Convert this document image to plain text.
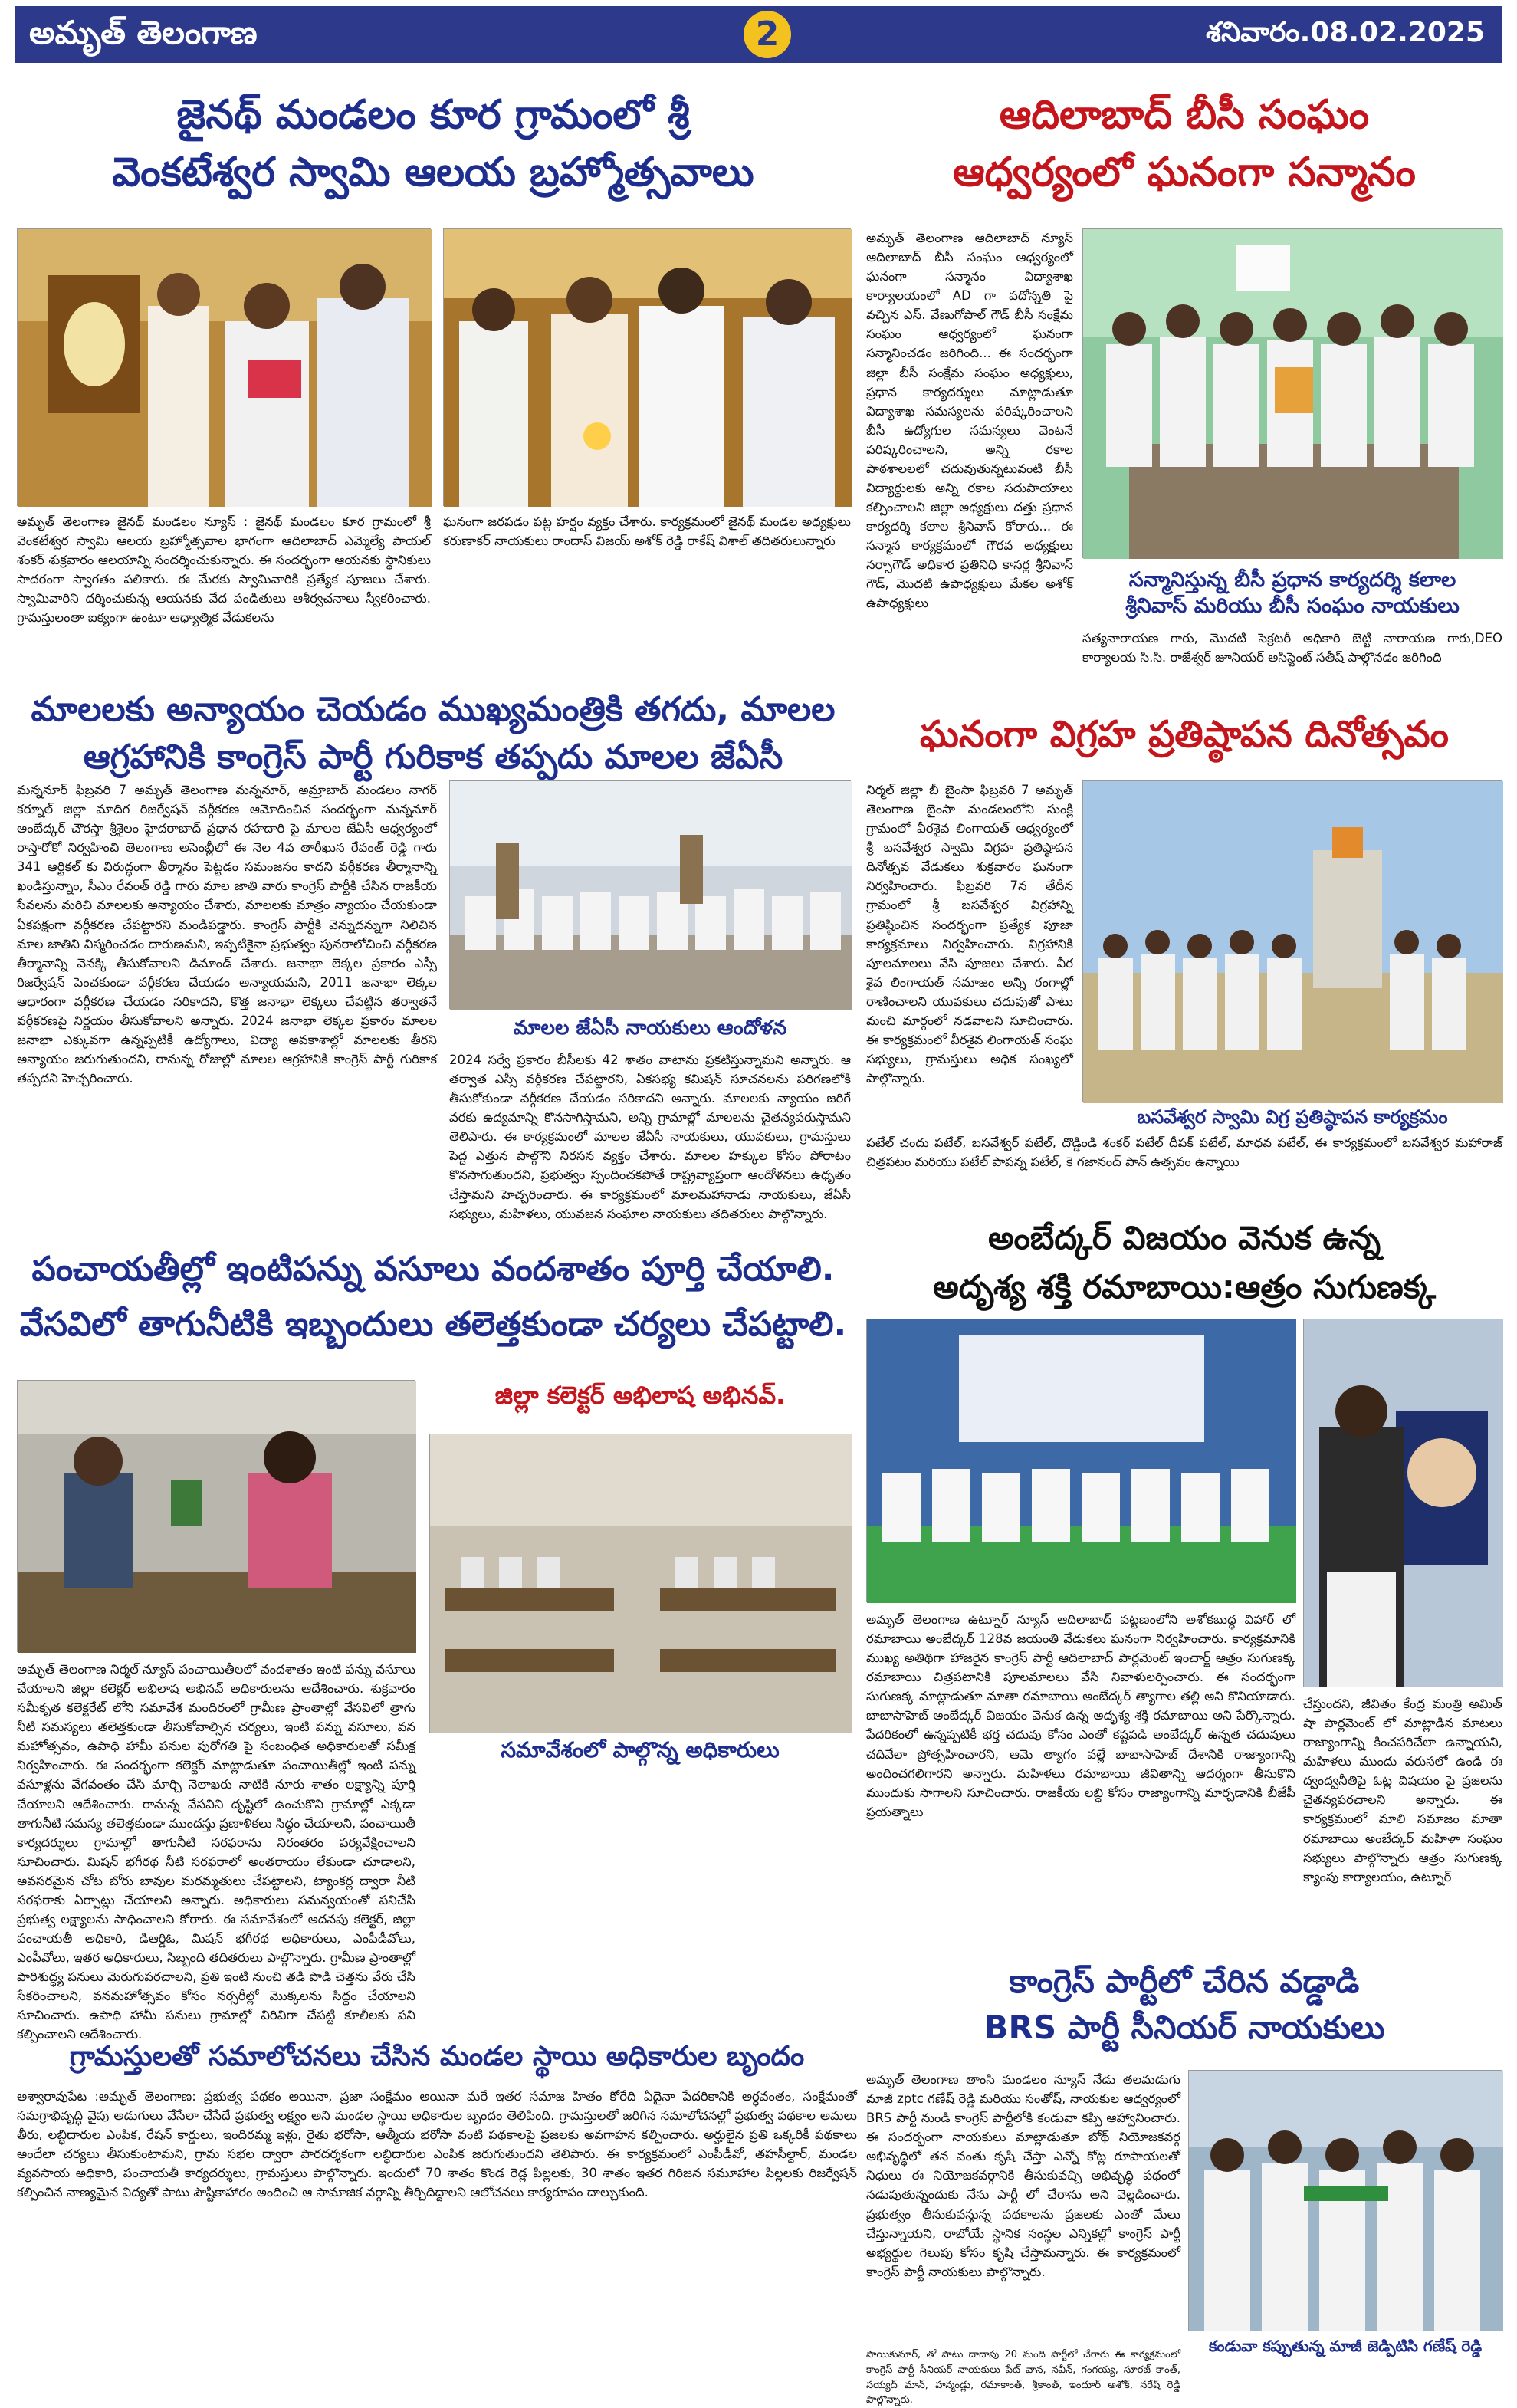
అమృత్ తెలంగాణ	2	శనివారం.08.02.2025
జైనథ్ మండలం కూర గ్రామంలో శ్రీ
వెంకటేశ్వర స్వామి ఆలయ బ్రహ్మోత్సవాలు
అమృత్ తెలంగాణ జైనథ్ మండలం న్యూస్ : జైనథ్ మండలం కూర గ్రామంలో శ్రీ వెంకటేశ్వర స్వామి ఆలయ బ్రహ్మోత్సవాల భాగంగా ఆదిలాబాద్ ఎమ్మెల్యే పాయల్ శంకర్ శుక్రవారం ఆలయాన్ని సందర్శించుకున్నారు. ఈ సందర్భంగా ఆయనకు స్థానికులు సాదరంగా స్వాగతం పలికారు. ఈ మేరకు స్వామివారికి ప్రత్యేక పూజలు చేశారు. స్వామివారిని దర్శించుకున్న ఆయనకు వేద పండితులు ఆశీర్వచనాలు స్వీకరించారు. గ్రామస్తులంతా ఐక్యంగా ఉంటూ ఆధ్యాత్మిక వేడుకలను
ఘనంగా జరపడం పట్ల హర్షం వ్యక్తం చేశారు. కార్యక్రమంలో జైనథ్ మండల అధ్యక్షులు కరుణాకర్ నాయకులు రాందాస్ విజయ్ అశోక్ రెడ్డి రాకేష్ విశాల్ తదితరులున్నారు
ఆదిలాబాద్ బీసీ సంఘం
ఆధ్వర్యంలో ఘనంగా సన్మానం
అమృత్ తెలంగాణ ఆదిలాబాద్ న్యూస్ ఆదిలాబాద్ బీసీ సంఘం ఆధ్వర్యంలో ఘనంగా సన్మానం విద్యాశాఖ కార్యాలయంలో AD గా పదోన్నతి పై వచ్చిన ఎస్. వేణుగోపాల్ గౌడ్ బీసీ సంక్షేమ సంఘం ఆధ్వర్యంలో ఘనంగా సన్మానించడం జరిగింది... ఈ సందర్భంగా జిల్లా బీసీ సంక్షేమ సంఘం అధ్యక్షులు, ప్రధాన కార్యదర్శులు మాట్లాడుతూ విద్యాశాఖ సమస్యలను పరిష్కరించాలని బీసీ ఉద్యోగుల సమస్యలు వెంటనే పరిష్కరించాలని, అన్ని రకాల పాఠశాలలలో చదువుతున్నటువంటి బీసీ విద్యార్థులకు అన్ని రకాల సదుపాయాలు కల్పించాలని జిల్లా అధ్యక్షులు దత్తు ప్రధాన కార్యదర్శి కలాల శ్రీనివాస్ కోరారు... ఈ సన్మాన కార్యక్రమంలో గౌరవ అధ్యక్షులు నర్సాగౌడ్ అధికార ప్రతినిధి కాసర్ల శ్రీనివాస్ గౌడ్, మొదటి ఉపాధ్యక్షులు మేకల అశోక్ ఉపాధ్యక్షులు
సన్మానిస్తున్న బీసీ ప్రధాన కార్యదర్శి కలాల
శ్రీనివాస్ మరియు బీసీ సంఘం నాయకులు
సత్యనారాయణ గారు, మొదటి సెక్రటరీ అధికారి బెట్టి నారాయణ గారు,DEO కార్యాలయ సి.సి. రాజేశ్వర్ జూనియర్ అసిస్టెంట్ సతీష్ పాల్గొనడం జరిగింది
మాలలకు అన్యాయం చెయడం ముఖ్యమంత్రికి తగదు, మాలల
ఆగ్రహానికి కాంగ్రెస్ పార్టీ గురికాక తప్పదు మాలల జేఏసీ
మన్ననూర్ ఫిబ్రవరి 7 అమృత్ తెలంగాణ మన్ననూర్, అమ్రాబాద్ మండలం నాగర్ కర్నూల్ జిల్లా మాదిగ రిజర్వేషన్ వర్గీకరణ ఆమోదించిన సందర్భంగా మన్ననూర్ అంబేద్కర్ చౌరస్తా శ్రీశైలం హైదరాబాద్ ప్రధాన రహదారి పై మాలల జేఏసీ ఆధ్వర్యంలో రాస్తారోకో నిర్వహించి తెలంగాణ అసెంబ్లీలో ఈ నెల 4వ తారీఖున రేవంత్ రెడ్డి గారు 341 ఆర్టికల్ కు విరుద్ధంగా తీర్మానం పెట్టడం సమంజసం కాదని వర్గీకరణ తీర్మానాన్ని ఖండిస్తున్నాం, సీఎం రేవంత్ రెడ్డి గారు మాల జాతి వారు కాంగ్రెస్ పార్టీకి చేసిన రాజకీయ సేవలను మరిచి మాలలకు అన్యాయం చేశారు, మాలలకు మాత్రం న్యాయం చేయకుండా ఏకపక్షంగా వర్గీకరణ చేపట్టారని మండిపడ్డారు. కాంగ్రెస్ పార్టీకి వెన్నుదన్నుగా నిలిచిన మాల జాతిని విస్మరించడం దారుణమని, ఇప్పటికైనా ప్రభుత్వం పునరాలోచించి వర్గీకరణ తీర్మానాన్ని వెనక్కి తీసుకోవాలని డిమాండ్ చేశారు. జనాభా లెక్కల ప్రకారం ఎస్సీ రిజర్వేషన్ పెంచకుండా వర్గీకరణ చేయడం అన్యాయమని, 2011 జనాభా లెక్కల ఆధారంగా వర్గీకరణ చేయడం సరికాదని, కొత్త జనాభా లెక్కలు చేపట్టిన తర్వాతనే వర్గీకరణపై నిర్ణయం తీసుకోవాలని అన్నారు. 2024 జనాభా లెక్కల ప్రకారం మాలల జనాభా ఎక్కువగా ఉన్నప్పటికీ ఉద్యోగాలు, విద్యా అవకాశాల్లో మాలలకు తీరని అన్యాయం జరుగుతుందని, రానున్న రోజుల్లో మాలల ఆగ్రహానికి కాంగ్రెస్ పార్టీ గురికాక తప్పదని హెచ్చరించారు.
మాలల జేఏసీ నాయకులు ఆందోళన
2024 సర్వే ప్రకారం బీసీలకు 42 శాతం వాటాను ప్రకటిస్తున్నామని అన్నారు. ఆ తర్వాత ఎస్సీ వర్గీకరణ చేపట్టారని, ఏకసభ్య కమిషన్ సూచనలను పరిగణలోకి తీసుకోకుండా వర్గీకరణ చేయడం సరికాదని అన్నారు. మాలలకు న్యాయం జరిగే వరకు ఉద్యమాన్ని కొనసాగిస్తామని, అన్ని గ్రామాల్లో మాలలను చైతన్యపరుస్తామని తెలిపారు. ఈ కార్యక్రమంలో మాలల జేఏసీ నాయకులు, యువకులు, గ్రామస్తులు పెద్ద ఎత్తున పాల్గొని నిరసన వ్యక్తం చేశారు. మాలల హక్కుల కోసం పోరాటం కొనసాగుతుందని, ప్రభుత్వం స్పందించకపోతే రాష్ట్రవ్యాప్తంగా ఆందోళనలు ఉధృతం చేస్తామని హెచ్చరించారు. ఈ కార్యక్రమంలో మాలమహానాడు నాయకులు, జేఏసీ సభ్యులు, మహిళలు, యువజన సంఘాల నాయకులు తదితరులు పాల్గొన్నారు.
ఘనంగా విగ్రహ ప్రతిష్ఠాపన దినోత్సవం
నిర్మల్ జిల్లా బీ బైంసా ఫిబ్రవరి 7 అమృత్ తెలంగాణ బైంసా మండలంలోని సుంక్లి గ్రామంలో వీరశైవ లింగాయత్ ఆధ్వర్యంలో శ్రీ బసవేశ్వర స్వామి విగ్రహ ప్రతిష్ఠాపన దినోత్సవ వేడుకలు శుక్రవారం ఘనంగా నిర్వహించారు. ఫిబ్రవరి 7న తేదీన గ్రామంలో శ్రీ బసవేశ్వర విగ్రహాన్ని ప్రతిష్ఠించిన సందర్భంగా ప్రత్యేక పూజా కార్యక్రమాలు నిర్వహించారు. విగ్రహానికి పూలమాలలు వేసి పూజలు చేశారు. వీర శైవ లింగాయత్ సమాజం అన్ని రంగాల్లో రాణించాలని యువకులు చదువుతో పాటు మంచి మార్గంలో నడవాలని సూచించారు. ఈ కార్యక్రమంలో వీరశైవ లింగాయత్ సంఘ సభ్యులు, గ్రామస్తులు అధిక సంఖ్యలో పాల్గొన్నారు.
బసవేశ్వర స్వామి విగ్ర ప్రతిష్ఠాపన కార్యక్రమం
పటేల్ చందు పటేల్, బసవేశ్వర్ పటేల్, దొడ్డిండి శంకర్ పటేల్ దీపక్ పటేల్, మాధవ పటేల్, ఈ కార్యక్రమంలో బసవేశ్వర మహారాజ్ చిత్రపటం మరియు పటేల్ పాపన్న పటేల్, కె గజానంద్ పాన్ ఉత్సవం ఉన్నాయి
పంచాయతీల్లో ఇంటిపన్ను వసూలు వందశాతం పూర్తి చేయాలి.
వేసవిలో తాగునీటికి ఇబ్బందులు తలెత్తకుండా చర్యలు చేపట్టాలి.
జిల్లా కలెక్టర్ అభిలాష అభినవ్.
సమావేశంలో పాల్గొన్న అధికారులు
అమృత్ తెలంగాణ నిర్మల్ న్యూస్ పంచాయితీలలో వందశాతం ఇంటి పన్ను వసూలు చేయాలని జిల్లా కలెక్టర్ అభిలాష అభినవ్ అధికారులను ఆదేశించారు. శుక్రవారం సమీకృత కలెక్టరేట్ లోని సమావేశ మందిరంలో గ్రామీణ ప్రాంతాల్లో వేసవిలో త్రాగు నీటి సమస్యలు తలెత్తకుండా తీసుకోవాల్సిన చర్యలు, ఇంటి పన్ను వసూలు, వన మహోత్సవం, ఉపాధి హామీ పనుల పురోగతి పై సంబంధిత అధికారులతో సమీక్ష నిర్వహించారు. ఈ సందర్భంగా కలెక్టర్ మాట్లాడుతూ పంచాయితీల్లో ఇంటి పన్ను వసూళ్లను వేగవంతం చేసి మార్చి నెలాఖరు నాటికి నూరు శాతం లక్ష్యాన్ని పూర్తి చేయాలని ఆదేశించారు. రానున్న వేసవిని దృష్టిలో ఉంచుకొని గ్రామాల్లో ఎక్కడా తాగునీటి సమస్య తలెత్తకుండా ముందస్తు ప్రణాళికలు సిద్ధం చేయాలని, పంచాయితీ కార్యదర్శులు గ్రామాల్లో తాగునీటి సరఫరాను నిరంతరం పర్యవేక్షించాలని సూచించారు. మిషన్ భగీరథ నీటి సరఫరాలో అంతరాయం లేకుండా చూడాలని, అవసరమైన చోట బోరు బావుల మరమ్మతులు చేపట్టాలని, ట్యాంకర్ల ద్వారా నీటి సరఫరాకు ఏర్పాట్లు చేయాలని అన్నారు. అధికారులు సమన్వయంతో పనిచేసి ప్రభుత్వ లక్ష్యాలను సాధించాలని కోరారు. ఈ సమావేశంలో అదనపు కలెక్టర్, జిల్లా పంచాయతీ అధికారి, డిఆర్డిఓ, మిషన్ భగీరథ అధికారులు, ఎంపీడీవోలు, ఎంపీవోలు, ఇతర అధికారులు, సిబ్బంది తదితరులు పాల్గొన్నారు. గ్రామీణ ప్రాంతాల్లో పారిశుద్ధ్య పనులు మెరుగుపరచాలని, ప్రతి ఇంటి నుంచి తడి పొడి చెత్తను వేరు చేసి సేకరించాలని, వనమహోత్సవం కోసం నర్సరీల్లో మొక్కలను సిద్ధం చేయాలని సూచించారు. ఉపాధి హామీ పనులు గ్రామాల్లో విరివిగా చేపట్టి కూలీలకు పని కల్పించాలని ఆదేశించారు.
అంబేద్కర్ విజయం వెనుక ఉన్న
అదృశ్య శక్తి రమాబాయి:ఆత్రం సుగుణక్క
అమృత్ తెలంగాణ ఉట్నూర్ న్యూస్ ఆదిలాబాద్ పట్టణంలోని అశోకబుద్ధ విహార్ లో రమాబాయి అంబేద్కర్ 128వ జయంతి వేడుకలు ఘనంగా నిర్వహించారు. కార్యక్రమానికి ముఖ్య అతిథిగా హాజరైన కాంగ్రెస్ పార్టీ ఆదిలాబాద్ పార్లమెంట్ ఇంచార్జ్ ఆత్రం సుగుణక్క రమాబాయి చిత్రపటానికి పూలమాలలు వేసి నివాళులర్పించారు. ఈ సందర్భంగా సుగుణక్క మాట్లాడుతూ మాతా రమాబాయి అంబేద్కర్ త్యాగాల తల్లి అని కొనియాడారు. బాబాసాహెబ్ అంబేద్కర్ విజయం వెనుక ఉన్న అదృశ్య శక్తి రమాబాయి అని పేర్కొన్నారు. పేదరికంలో ఉన్నప్పటికీ భర్త చదువు కోసం ఎంతో కష్టపడి అంబేద్కర్ ఉన్నత చదువులు చదివేలా ప్రోత్సహించారని, ఆమె త్యాగం వల్లే బాబాసాహెబ్ దేశానికి రాజ్యాంగాన్ని అందించగలిగారని అన్నారు. మహిళలు రమాబాయి జీవితాన్ని ఆదర్శంగా తీసుకొని ముందుకు సాగాలని సూచించారు. రాజకీయ లబ్ధి కోసం రాజ్యాంగాన్ని మార్చడానికి బీజేపీ ప్రయత్నాలు
చేస్తుందని, జీవితం కేంద్ర మంత్రి అమిత్ షా పార్లమెంట్ లో మాట్లాడిన మాటలు రాజ్యాంగాన్ని కించపరిచేలా ఉన్నాయని, మహిళలు ముందు వరుసలో ఉండి ఈ ద్వంద్వనీతిపై ఓట్ల విషయం పై ప్రజలను చైతన్యపరచాలని అన్నారు. ఈ కార్యక్రమంలో మాలి సమాజం మాతా రమాబాయి అంబేద్కర్ మహిళా సంఘం సభ్యులు పాల్గొన్నారు ఆత్రం సుగుణక్క క్యాంపు కార్యాలయం, ఉట్నూర్
కాంగ్రెస్ పార్టీలో చేరిన వడ్డాడి
BRS పార్టీ సీనియర్ నాయకులు
అమృత్ తెలంగాణ తాంసి మండలం న్యూస్ నేడు తలమడుగు మాజీ zptc గణేష్ రెడ్డి మరియు సంతోష్, నాయకుల ఆధ్వర్యంలో BRS పార్టీ నుండి కాంగ్రెస్ పార్టీలోకి కండువా కప్పి ఆహ్వానించారు. ఈ సందర్భంగా నాయకులు మాట్లాడుతూ బోథ్ నియోజకవర్గ అభివృద్ధిలో తన వంతు కృషి చేస్తా ఎన్నో కోట్ల రూపాయలతో నిధులు ఈ నియోజకవర్గానికి తీసుకువచ్చి అభివృద్ధి పథంలో నడుపుతున్నందుకు నేను పార్టీ లో చేరాను అని వెల్లడించారు. ప్రభుత్వం తీసుకువస్తున్న పథకాలను ప్రజలకు ఎంతో మేలు చేస్తున్నాయని, రాబోయే స్థానిక సంస్థల ఎన్నికల్లో కాంగ్రెస్ పార్టీ అభ్యర్థుల గెలుపు కోసం కృషి చేస్తామన్నారు. ఈ కార్యక్రమంలో కాంగ్రెస్ పార్టీ నాయకులు పాల్గొన్నారు.
కండువా కప్పుతున్న మాజీ జెడ్పిటిసి గణేష్ రెడ్డి
సాయికుమార్, తో పాటు దాదాపు 20 మంది పార్టీలో చేరారు ఈ కార్యక్రమంలో కాంగ్రెస్ పార్టీ సీనియర్ నాయకులు పేట్ వాన, నవీన్, గంగయ్య, సూరజ్ కాంత్, సయ్యద్ మాన్, హన్మండ్లు, రమాకాంత్, శ్రీకాంత్, ఇందూర్ అశోక్, నరేష్ రెడ్డి పాల్గొన్నారు.
గ్రామస్తులతో సమాలోచనలు చేసిన మండల స్థాయి అధికారుల బృందం
అశ్వారావుపేట :అమృత్ తెలంగాణ: ప్రభుత్వ పథకం అయినా, ప్రజా సంక్షేమం అయినా మరే ఇతర సమాజ హితం కోరేది ఏదైనా పేదరికానికి అర్ధవంతం, సంక్షేమంతో సమగ్రాభివృద్ధి వైపు అడుగులు వేసేలా చేసేదే ప్రభుత్వ లక్ష్యం అని మండల స్థాయి అధికారుల బృందం తెలిపింది. గ్రామస్తులతో జరిగిన సమాలోచనల్లో ప్రభుత్వ పథకాల అమలు తీరు, లబ్ధిదారుల ఎంపిక, రేషన్ కార్డులు, ఇందిరమ్మ ఇళ్లు, రైతు భరోసా, ఆత్మీయ భరోసా వంటి పథకాలపై ప్రజలకు అవగాహన కల్పించారు. అర్హులైన ప్రతి ఒక్కరికీ పథకాలు అందేలా చర్యలు తీసుకుంటామని, గ్రామ సభల ద్వారా పారదర్శకంగా లబ్ధిదారుల ఎంపిక జరుగుతుందని తెలిపారు. ఈ కార్యక్రమంలో ఎంపీడీవో, తహసీల్దార్, మండల వ్యవసాయ అధికారి, పంచాయతీ కార్యదర్శులు, గ్రామస్తులు పాల్గొన్నారు. ఇందులో 70 శాతం కొండ రెడ్ల పిల్లలకు, 30 శాతం ఇతర గిరిజన సమూహాల పిల్లలకు రిజర్వేషన్ కల్పించిన నాణ్యమైన విద్యతో పాటు పౌష్టికాహారం అందించి ఆ సామాజిక వర్గాన్ని తీర్చిదిద్దాలని ఆలోచనలు కార్యరూపం దాల్చుకుంది.
